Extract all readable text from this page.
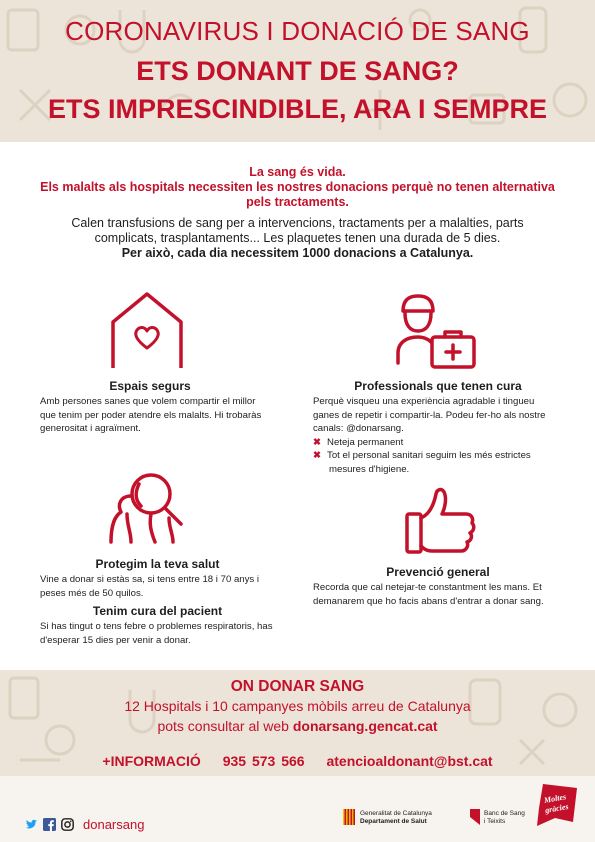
CORONAVIRUS I DONACIÓ DE SANG
ETS DONANT DE SANG?
ETS IMPRESCINDIBLE, ARA I SEMPRE
La sang és vida.
Els malalts als hospitals necessiten les nostres donacions perquè no tenen alternativa pels tractaments.
Calen transfusions de sang per a intervencions, tractaments per a malalties, parts complicats, trasplantaments... Les plaquetes tenen una durada de 5 dies.
Per això, cada dia necessitem 1000 donacions a Catalunya.
Espais segurs
Amb persones sanes que volem compartir el millor que tenim per poder atendre els malalts. Hi trobaràs generositat i agraïment.
Professionals que tenen cura
Perquè visqueu una experiència agradable i tingueu ganes de repetir i compartir-la. Podeu fer-ho als nostre canals: @donarsang.
✖ Neteja permanent
✖ Tot el personal sanitari seguim les més estrictes mesures d'higiene.
Protegim la teva salut
Vine a donar si estàs sa, si tens entre 18 i 70 anys i peses més de 50 quilos.
Tenim cura del pacient
Si has tingut o tens febre o problemes respiratoris, has d'esperar 15 dies per venir a donar.
Prevenció general
Recorda que cal netejar-te constantment les mans. Et demanarem que ho facis abans d'entrar a donar sang.
ON DONAR SANG
12 Hospitals i 10 campanyes mòbils arreu de Catalunya
pots consultar al web donarsang.gencat.cat
+INFORMACIÓ 935 573 566 atencioaldonant@bst.cat
donarsang
Generalitat de Catalunya
Departament de Salut
Banc de Sang
i Teixits
Moltes
gràcies
